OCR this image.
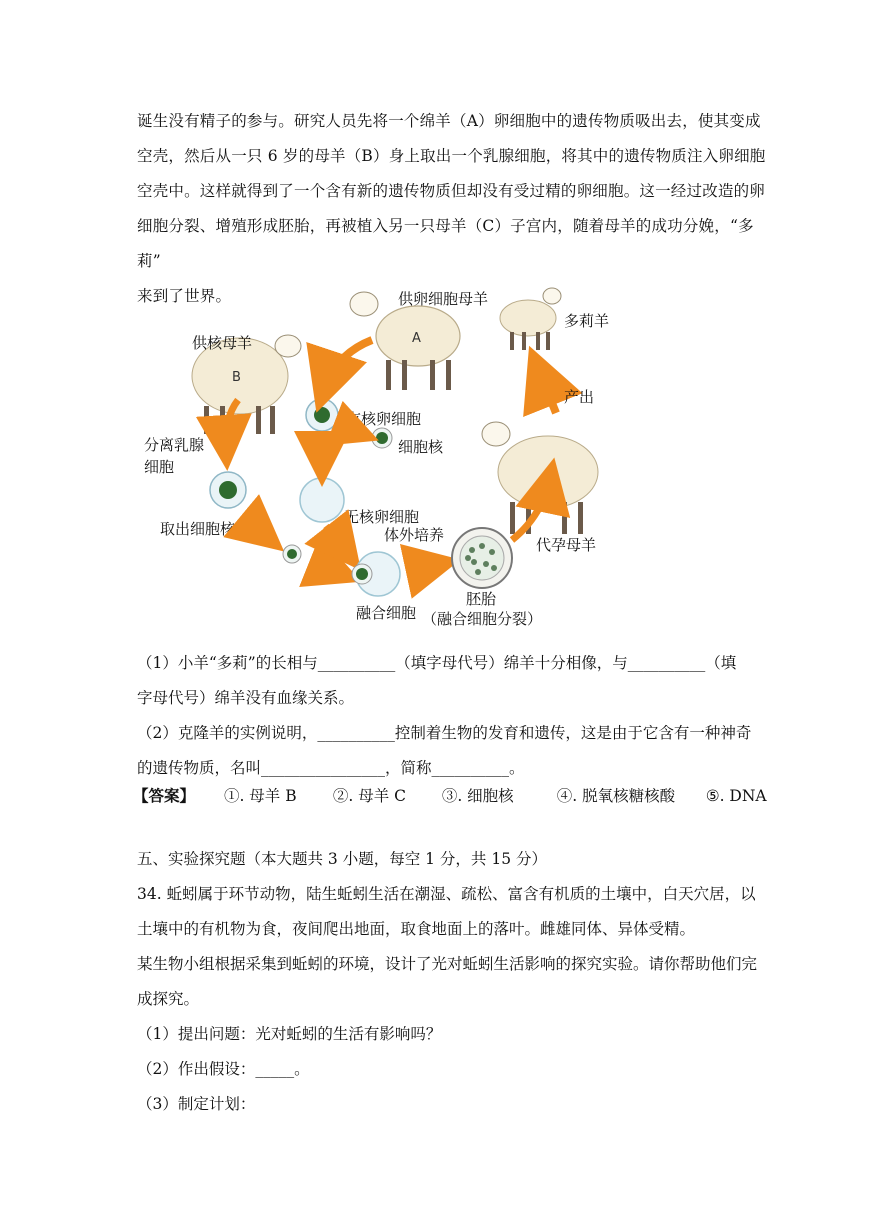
诞生没有精子的参与。研究人员先将一个绵羊（A）卵细胞中的遗传物质吸出去，使其变成

空壳，然后从一只 6 岁的母羊（B）身上取出一个乳腺细胞，将其中的遗传物质注入卵细胞

空壳中。这样就得到了一个含有新的遗传物质但却没有受过精的卵细胞。这一经过改造的卵

细胞分裂、增殖形成胚胎，再被植入另一只母羊（C）子宫内，随着母羊的成功分娩，“多莉”

来到了世界。

A
供卵细胞母羊
多莉羊
B
供核母羊
C
代孕母羊
产出
有核卵细胞
细胞核
无核卵细胞
分离乳腺
细胞
取出细胞核
融合细胞
体外培养
胚胎
（融合细胞分裂）
（1）小羊“多莉”的长相与__________（填字母代号）绵羊十分相像，与__________（填
字母代号）绵羊没有血缘关系。
（2）克隆羊的实例说明，__________控制着生物的发育和遗传，这是由于它含有一种神奇
的遗传物质，名叫________________，简称__________。
【答案】 ①. 母羊 B ②. 母羊 C ③. 细胞核	④. 脱氧核糖核酸 ⑤. DNA
五、实验探究题（本大题共 3 小题，每空 1 分，共 15 分）
34. 蚯蚓属于环节动物，陆生蚯蚓生活在潮湿、疏松、富含有机质的土壤中，白天穴居，以
土壤中的有机物为食，夜间爬出地面，取食地面上的落叶。雌雄同体、异体受精。
某生物小组根据采集到蚯蚓的环境，设计了光对蚯蚓生活影响的探究实验。请你帮助他们完
成探究。
（1）提出问题：光对蚯蚓的生活有影响吗？
（2）作出假设：_____。
（3）制定计划：
